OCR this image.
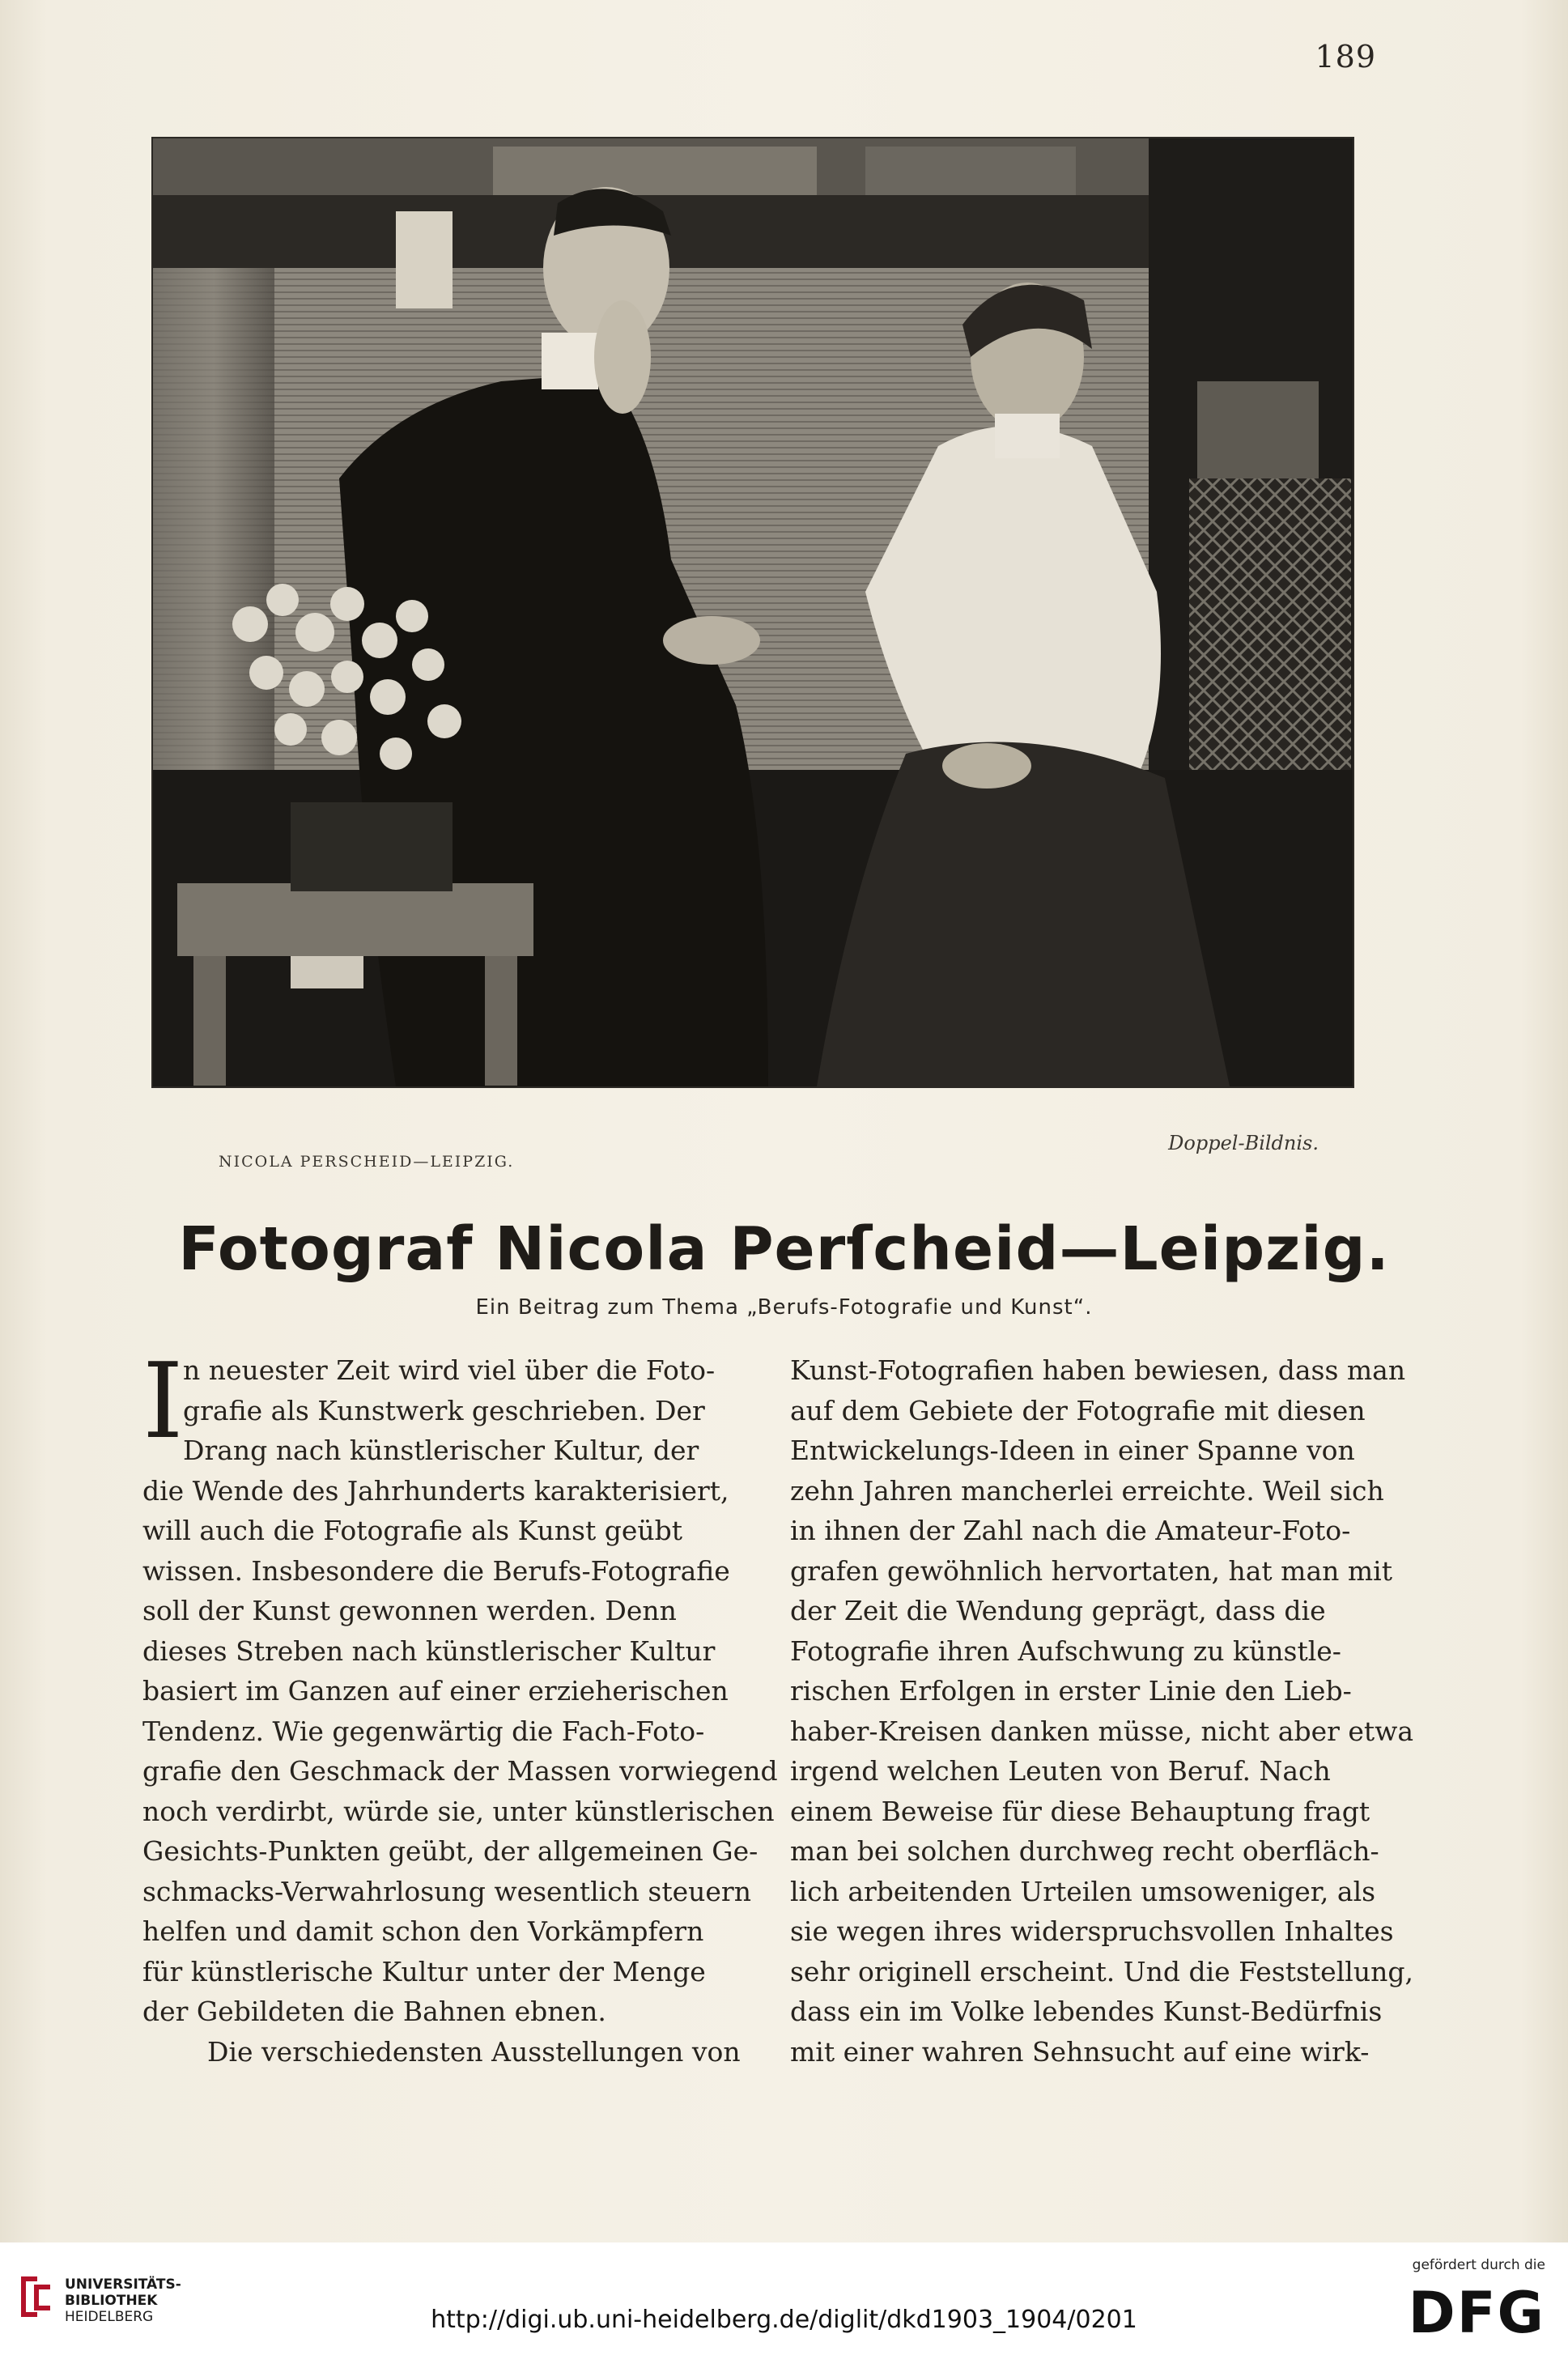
189
NICOLA PERSCHEID—LEIPZIG.
Doppel-Bildnis.
Fotograf Nicola Perſcheid—Leipzig.
Ein Beitrag zum Thema „Berufs-Fotografie und Kunst“.
I n neuester Zeit wird viel über die Foto-
grafie als Kunstwerk geschrieben. Der
Drang nach künstlerischer Kultur, der
die Wende des Jahrhunderts karakterisiert,
will auch die Fotografie als Kunst geübt
wissen. Insbesondere die Berufs-Fotografie
soll der Kunst gewonnen werden. Denn
dieses Streben nach künstlerischer Kultur
basiert im Ganzen auf einer erzieherischen
Tendenz. Wie gegenwärtig die Fach-Foto-
grafie den Geschmack der Massen vorwiegend
noch verdirbt, würde sie, unter künstlerischen
Gesichts-Punkten geübt, der allgemeinen Ge-
schmacks-Verwahrlosung wesentlich steuern
helfen und damit schon den Vorkämpfern
für künstlerische Kultur unter der Menge
der Gebildeten die Bahnen ebnen.
Die verschiedensten Ausstellungen von
Kunst-Fotografien haben bewiesen, dass man
auf dem Gebiete der Fotografie mit diesen
Entwickelungs-Ideen in einer Spanne von
zehn Jahren mancherlei erreichte. Weil sich
in ihnen der Zahl nach die Amateur-Foto-
grafen gewöhnlich hervortaten, hat man mit
der Zeit die Wendung geprägt, dass die
Fotografie ihren Aufschwung zu künstle-
rischen Erfolgen in erster Linie den Lieb-
haber-Kreisen danken müsse, nicht aber etwa
irgend welchen Leuten von Beruf. Nach
einem Beweise für diese Behauptung fragt
man bei solchen durchweg recht oberfläch-
lich arbeitenden Urteilen umsoweniger, als
sie wegen ihres widerspruchsvollen Inhaltes
sehr originell erscheint. Und die Feststellung,
dass ein im Volke lebendes Kunst-Bedürfnis
mit einer wahren Sehnsucht auf eine wirk-
UNIVERSITÄTS-
BIBLIOTHEK
HEIDELBERG	http://digi.ub.uni-heidelberg.de/diglit/dkd1903_1904/0201
gefördert durch die
DFG
